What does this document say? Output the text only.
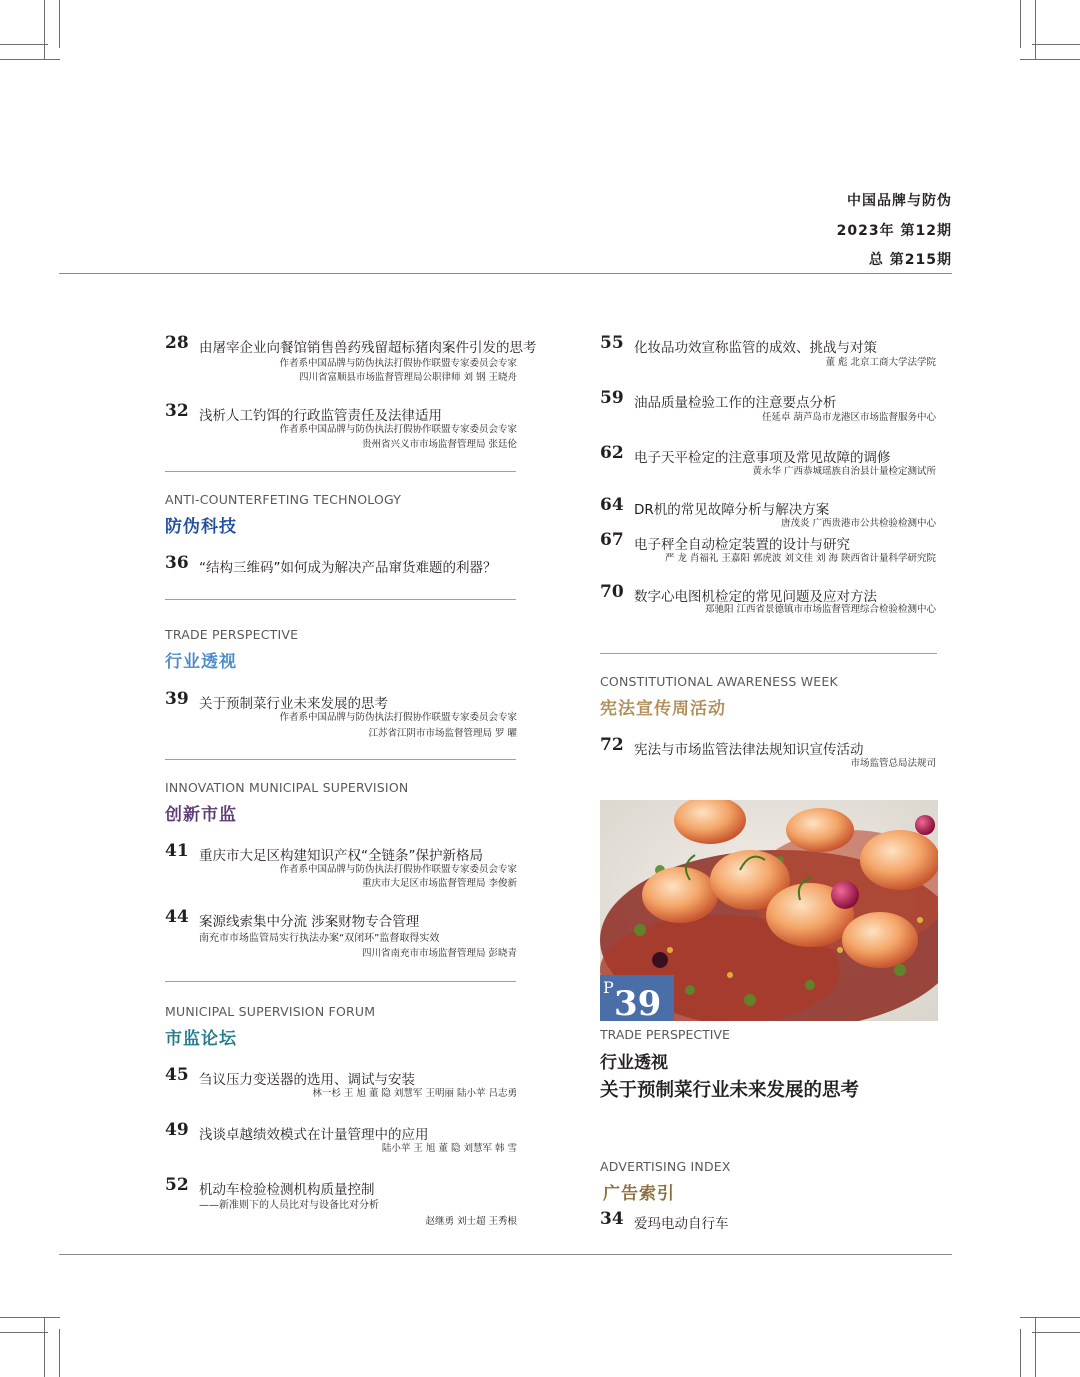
中国品牌与防伪
2023年 第12期
总 第215期
28 由屠宰企业向餐馆销售兽药残留超标猪肉案件引发的思考
作者系中国品牌与防伪执法打假协作联盟专家委员会专家
四川省富顺县市场监督管理局公职律师 刘 钢 王晓舟
32 浅析人工钓饵的行政监管责任及法律适用
作者系中国品牌与防伪执法打假协作联盟专家委员会专家
贵州省兴义市市场监督管理局 张廷伦
ANTI-COUNTERFETING TECHNOLOGY
防伪科技
36 “结构三维码”如何成为解决产品窜货难题的利器？
TRADE PERSPECTIVE
行业透视
39 关于预制菜行业未来发展的思考
作者系中国品牌与防伪执法打假协作联盟专家委员会专家
江苏省江阴市市场监督管理局 罗 曜
INNOVATION MUNICIPAL SUPERVISION
创新市监
41 重庆市大足区构建知识产权“全链条”保护新格局
作者系中国品牌与防伪执法打假协作联盟专家委员会专家
重庆市大足区市场监督管理局 李俊新
44 案源线索集中分流 涉案财物专合管理
南充市市场监管局实行执法办案“双闭环”监督取得实效
四川省南充市市场监督管理局 彭晓青
MUNICIPAL SUPERVISION FORUM
市监论坛
45 刍议压力变送器的选用、调试与安装
林一杉 王 旭 董 隐 刘慧军 王明丽 陆小苹 吕志勇
49 浅谈卓越绩效模式在计量管理中的应用
陆小苹 王 旭 董 隐 刘慧军 韩 雪
52 机动车检验检测机构质量控制
——新准则下的人员比对与设备比对分析
赵继勇 刘士超 王秀根
55 化妆品功效宣称监管的成效、挑战与对策
董 彪 北京工商大学法学院
59 油品质量检验工作的注意要点分析
任延卓 葫芦岛市龙港区市场监督服务中心
62 电子天平检定的注意事项及常见故障的调修
黄永华 广西恭城瑶族自治县计量检定测试所
64 DR机的常见故障分析与解决方案
唐茂炎 广西贵港市公共检验检测中心
67 电子秤全自动检定装置的设计与研究
严 龙 肖福礼 王嘉阳 郭虎波 刘文佳 刘 海 陕西省计量科学研究院
70 数字心电图机检定的常见问题及应对方法
郑驰阳 江西省景德镇市市场监督管理综合检验检测中心
CONSTITUTIONAL AWARENESS WEEK
宪法宣传周活动
72 宪法与市场监管法律法规知识宣传活动
市场监管总局法规司
P 39
TRADE PERSPECTIVE
行业透视
关于预制菜行业未来发展的思考
ADVERTISING INDEX
广告索引
34 爱玛电动自行车
